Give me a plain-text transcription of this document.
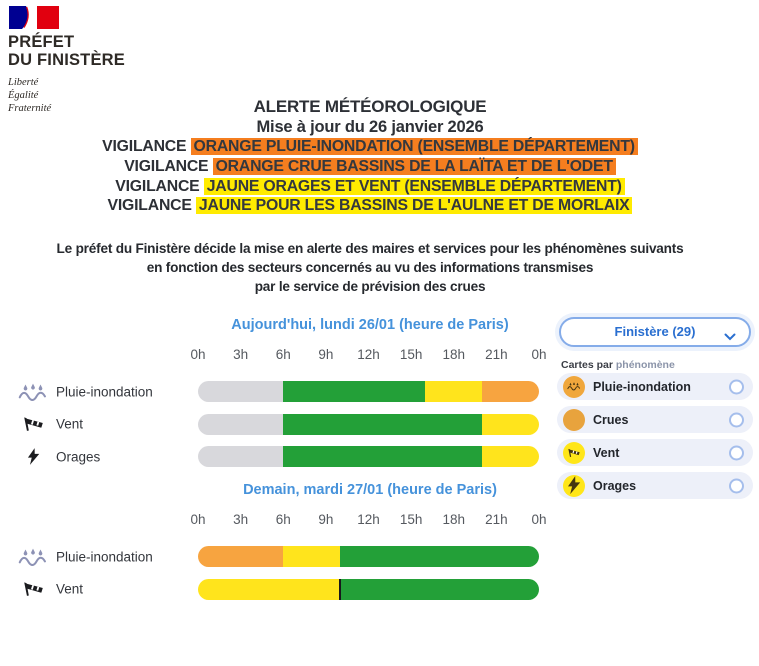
PRÉFET
DU FINISTÈRE
Liberté
Égalité
Fraternité	ALERTE MÉTÉOROLOGIQUE
Mise à jour du 26 janvier 2026
VIGILANCE ORANGE PLUIE-INONDATION (ENSEMBLE DÉPARTEMENT)
VIGILANCE ORANGE CRUE BASSINS DE LA LAÏTA ET DE L'ODET
VIGILANCE JAUNE ORAGES ET VENT (ENSEMBLE DÉPARTEMENT)
VIGILANCE JAUNE POUR LES BASSINS DE L'AULNE ET DE MORLAIX
Le préfet du Finistère décide la mise en alerte des maires et services pour les phénomènes suivants
en fonction des secteurs concernés au vu des informations transmises
par le service de prévision des crues
Aujourd'hui, lundi 26/01 (heure de Paris)
0h 3h 6h 9h 12h 15h 18h 21h 0h
Pluie-inondation
Vent
Orages
Demain, mardi 27/01 (heure de Paris)
0h 3h 6h 9h 12h 15h 18h 21h 0h
Pluie-inondation
Vent
Finistère (29)
Cartes par phénomène
Pluie-inondation
Crues
Vent
Orages
